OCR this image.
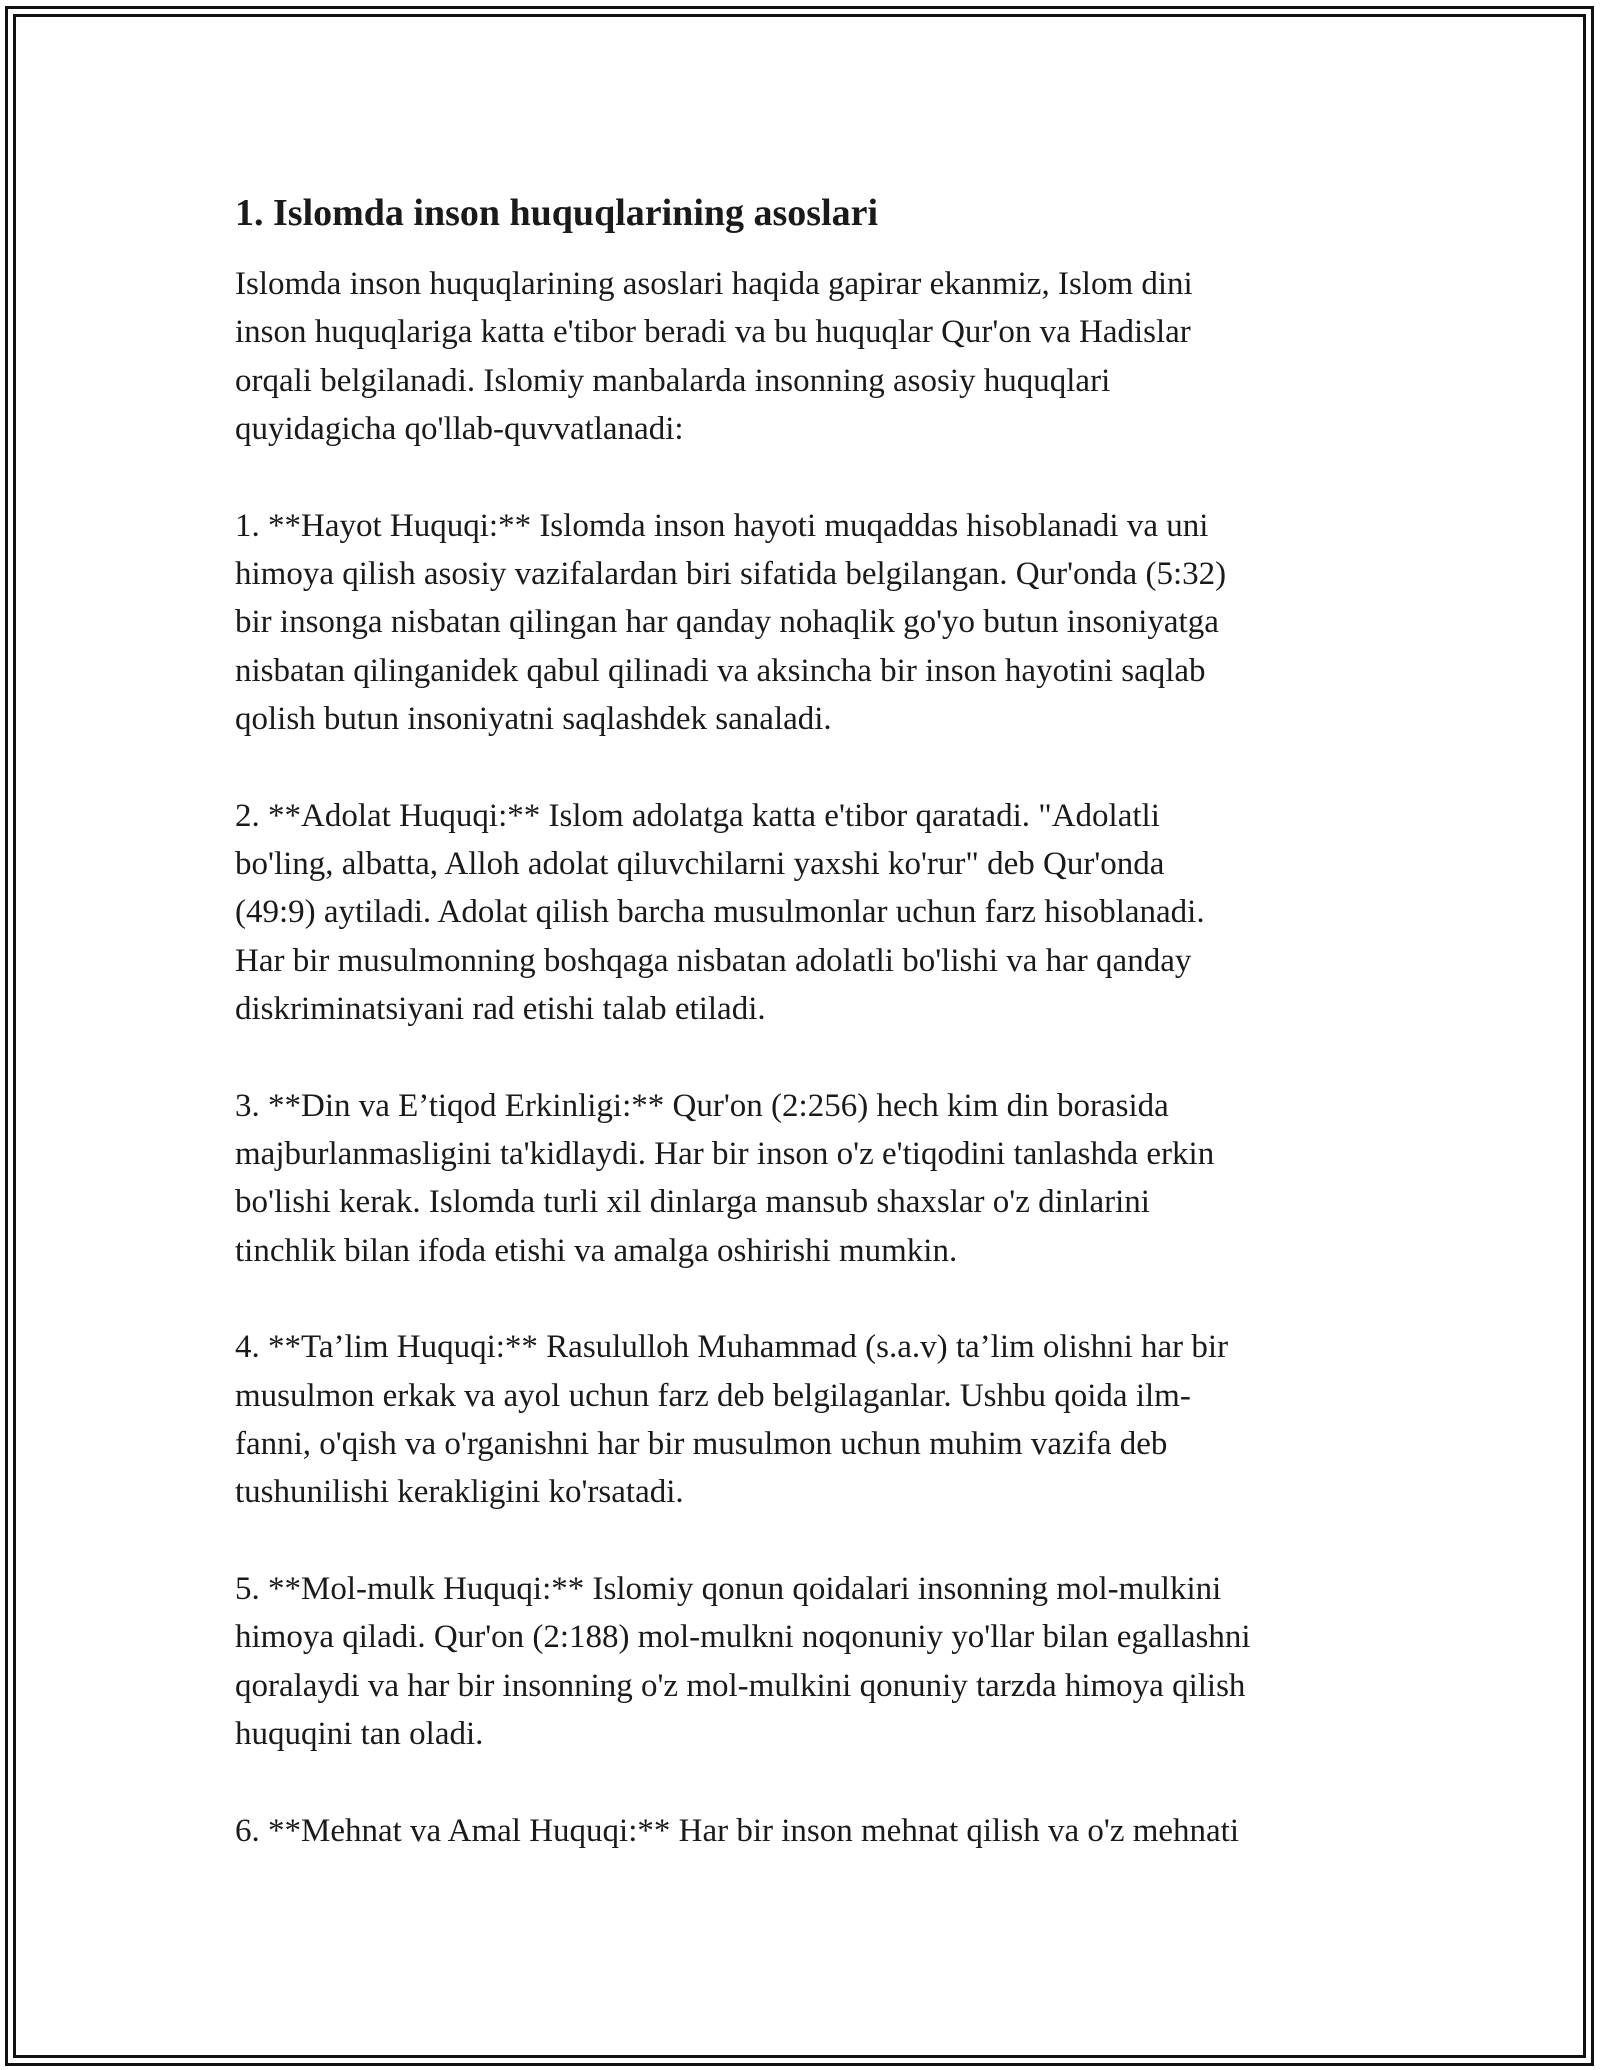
1. Islomda inson huquqlarining asoslari
Islomda inson huquqlarining asoslari haqida gapirar ekanmiz, Islom dini
inson huquqlariga katta e'tibor beradi va bu huquqlar Qur'on va Hadislar
orqali belgilanadi. Islomiy manbalarda insonning asosiy huquqlari
quyidagicha qo'llab-quvvatlanadi:
1. **Hayot Huquqi:** Islomda inson hayoti muqaddas hisoblanadi va uni
himoya qilish asosiy vazifalardan biri sifatida belgilangan. Qur'onda (5:32)
bir insonga nisbatan qilingan har qanday nohaqlik go'yo butun insoniyatga
nisbatan qilinganidek qabul qilinadi va aksincha bir inson hayotini saqlab
qolish butun insoniyatni saqlashdek sanaladi.
2. **Adolat Huquqi:** Islom adolatga katta e'tibor qaratadi. "Adolatli
bo'ling, albatta, Alloh adolat qiluvchilarni yaxshi ko'rur" deb Qur'onda
(49:9) aytiladi. Adolat qilish barcha musulmonlar uchun farz hisoblanadi.
Har bir musulmonning boshqaga nisbatan adolatli bo'lishi va har qanday
diskriminatsiyani rad etishi talab etiladi.
3. **Din va E’tiqod Erkinligi:** Qur'on (2:256) hech kim din borasida
majburlanmasligini ta'kidlaydi. Har bir inson o'z e'tiqodini tanlashda erkin
bo'lishi kerak. Islomda turli xil dinlarga mansub shaxslar o'z dinlarini
tinchlik bilan ifoda etishi va amalga oshirishi mumkin.
4. **Ta’lim Huquqi:** Rasululloh Muhammad (s.a.v) ta’lim olishni har bir
musulmon erkak va ayol uchun farz deb belgilaganlar. Ushbu qoida ilm-
fanni, o'qish va o'rganishni har bir musulmon uchun muhim vazifa deb
tushunilishi kerakligini ko'rsatadi.
5. **Mol-mulk Huquqi:** Islomiy qonun qoidalari insonning mol-mulkini
himoya qiladi. Qur'on (2:188) mol-mulkni noqonuniy yo'llar bilan egallashni
qoralaydi va har bir insonning o'z mol-mulkini qonuniy tarzda himoya qilish
huquqini tan oladi.
6. **Mehnat va Amal Huquqi:** Har bir inson mehnat qilish va o'z mehnati
